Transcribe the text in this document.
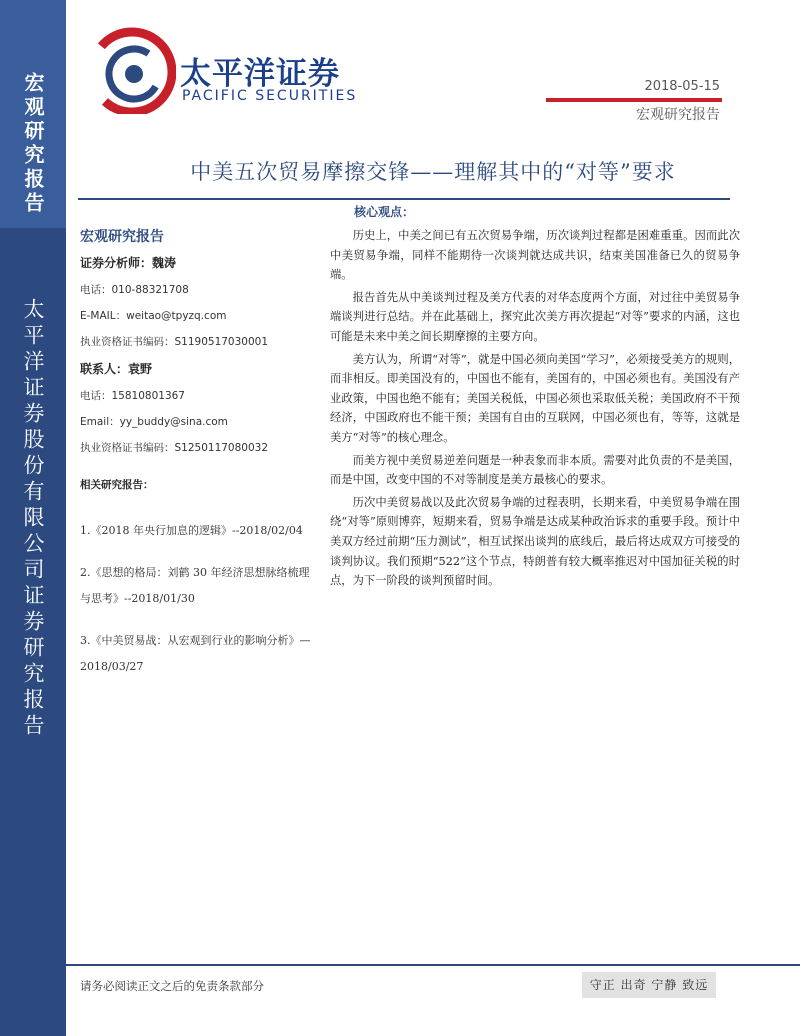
宏观研究报告
太平洋证券股份有限公司证券研究报告
太平洋证券
PACIFIC SECURITIES
2018-05-15
宏观研究报告
中美五次贸易摩擦交锋——理解其中的“对等”要求
宏观研究报告
证券分析师：魏涛
电话：010-88321708
E-MAIL：weitao@tpyzq.com
执业资格证书编码：S1190517030001
联系人：袁野
电话：15810801367
Email：yy_buddy@sina.com
执业资格证书编码：S1250117080032
相关研究报告：
1.《2018 年央行加息的逻辑》--2018/02/04
2.《思想的格局：刘鹤 30 年经济思想脉络梳理与思考》--2018/01/30
3.《中美贸易战：从宏观到行业的影响分析》—2018/03/27
核心观点：

历史上，中美之间已有五次贸易争端，历次谈判过程都是困难重重。因而此次中美贸易争端，同样不能期待一次谈判就达成共识，结束美国准备已久的贸易争端。

报告首先从中美谈判过程及美方代表的对华态度两个方面，对过往中美贸易争端谈判进行总结。并在此基础上，探究此次美方再次提起“对等”要求的内涵，这也可能是未来中美之间长期摩擦的主要方向。

美方认为，所谓“对等”，就是中国必须向美国“学习”，必须接受美方的规则，而非相反。即美国没有的，中国也不能有，美国有的，中国必须也有。美国没有产业政策，中国也绝不能有；美国关税低，中国必须也采取低关税；美国政府不干预经济，中国政府也不能干预；美国有自由的互联网，中国必须也有，等等，这就是美方“对等”的核心理念。

而美方视中美贸易逆差问题是一种表象而非本质。需要对此负责的不是美国，而是中国，改变中国的不对等制度是美方最核心的要求。

历次中美贸易战以及此次贸易争端的过程表明，长期来看，中美贸易争端在围绕“对等”原则博弈，短期来看，贸易争端是达成某种政治诉求的重要手段。预计中美双方经过前期“压力测试”，相互试探出谈判的底线后，最后将达成双方可接受的谈判协议。我们预期“522”这个节点，特朗普有较大概率推迟对中国加征关税的时点，为下一阶段的谈判预留时间。

请务必阅读正文之后的免责条款部分	守正 出奇 宁静 致远
